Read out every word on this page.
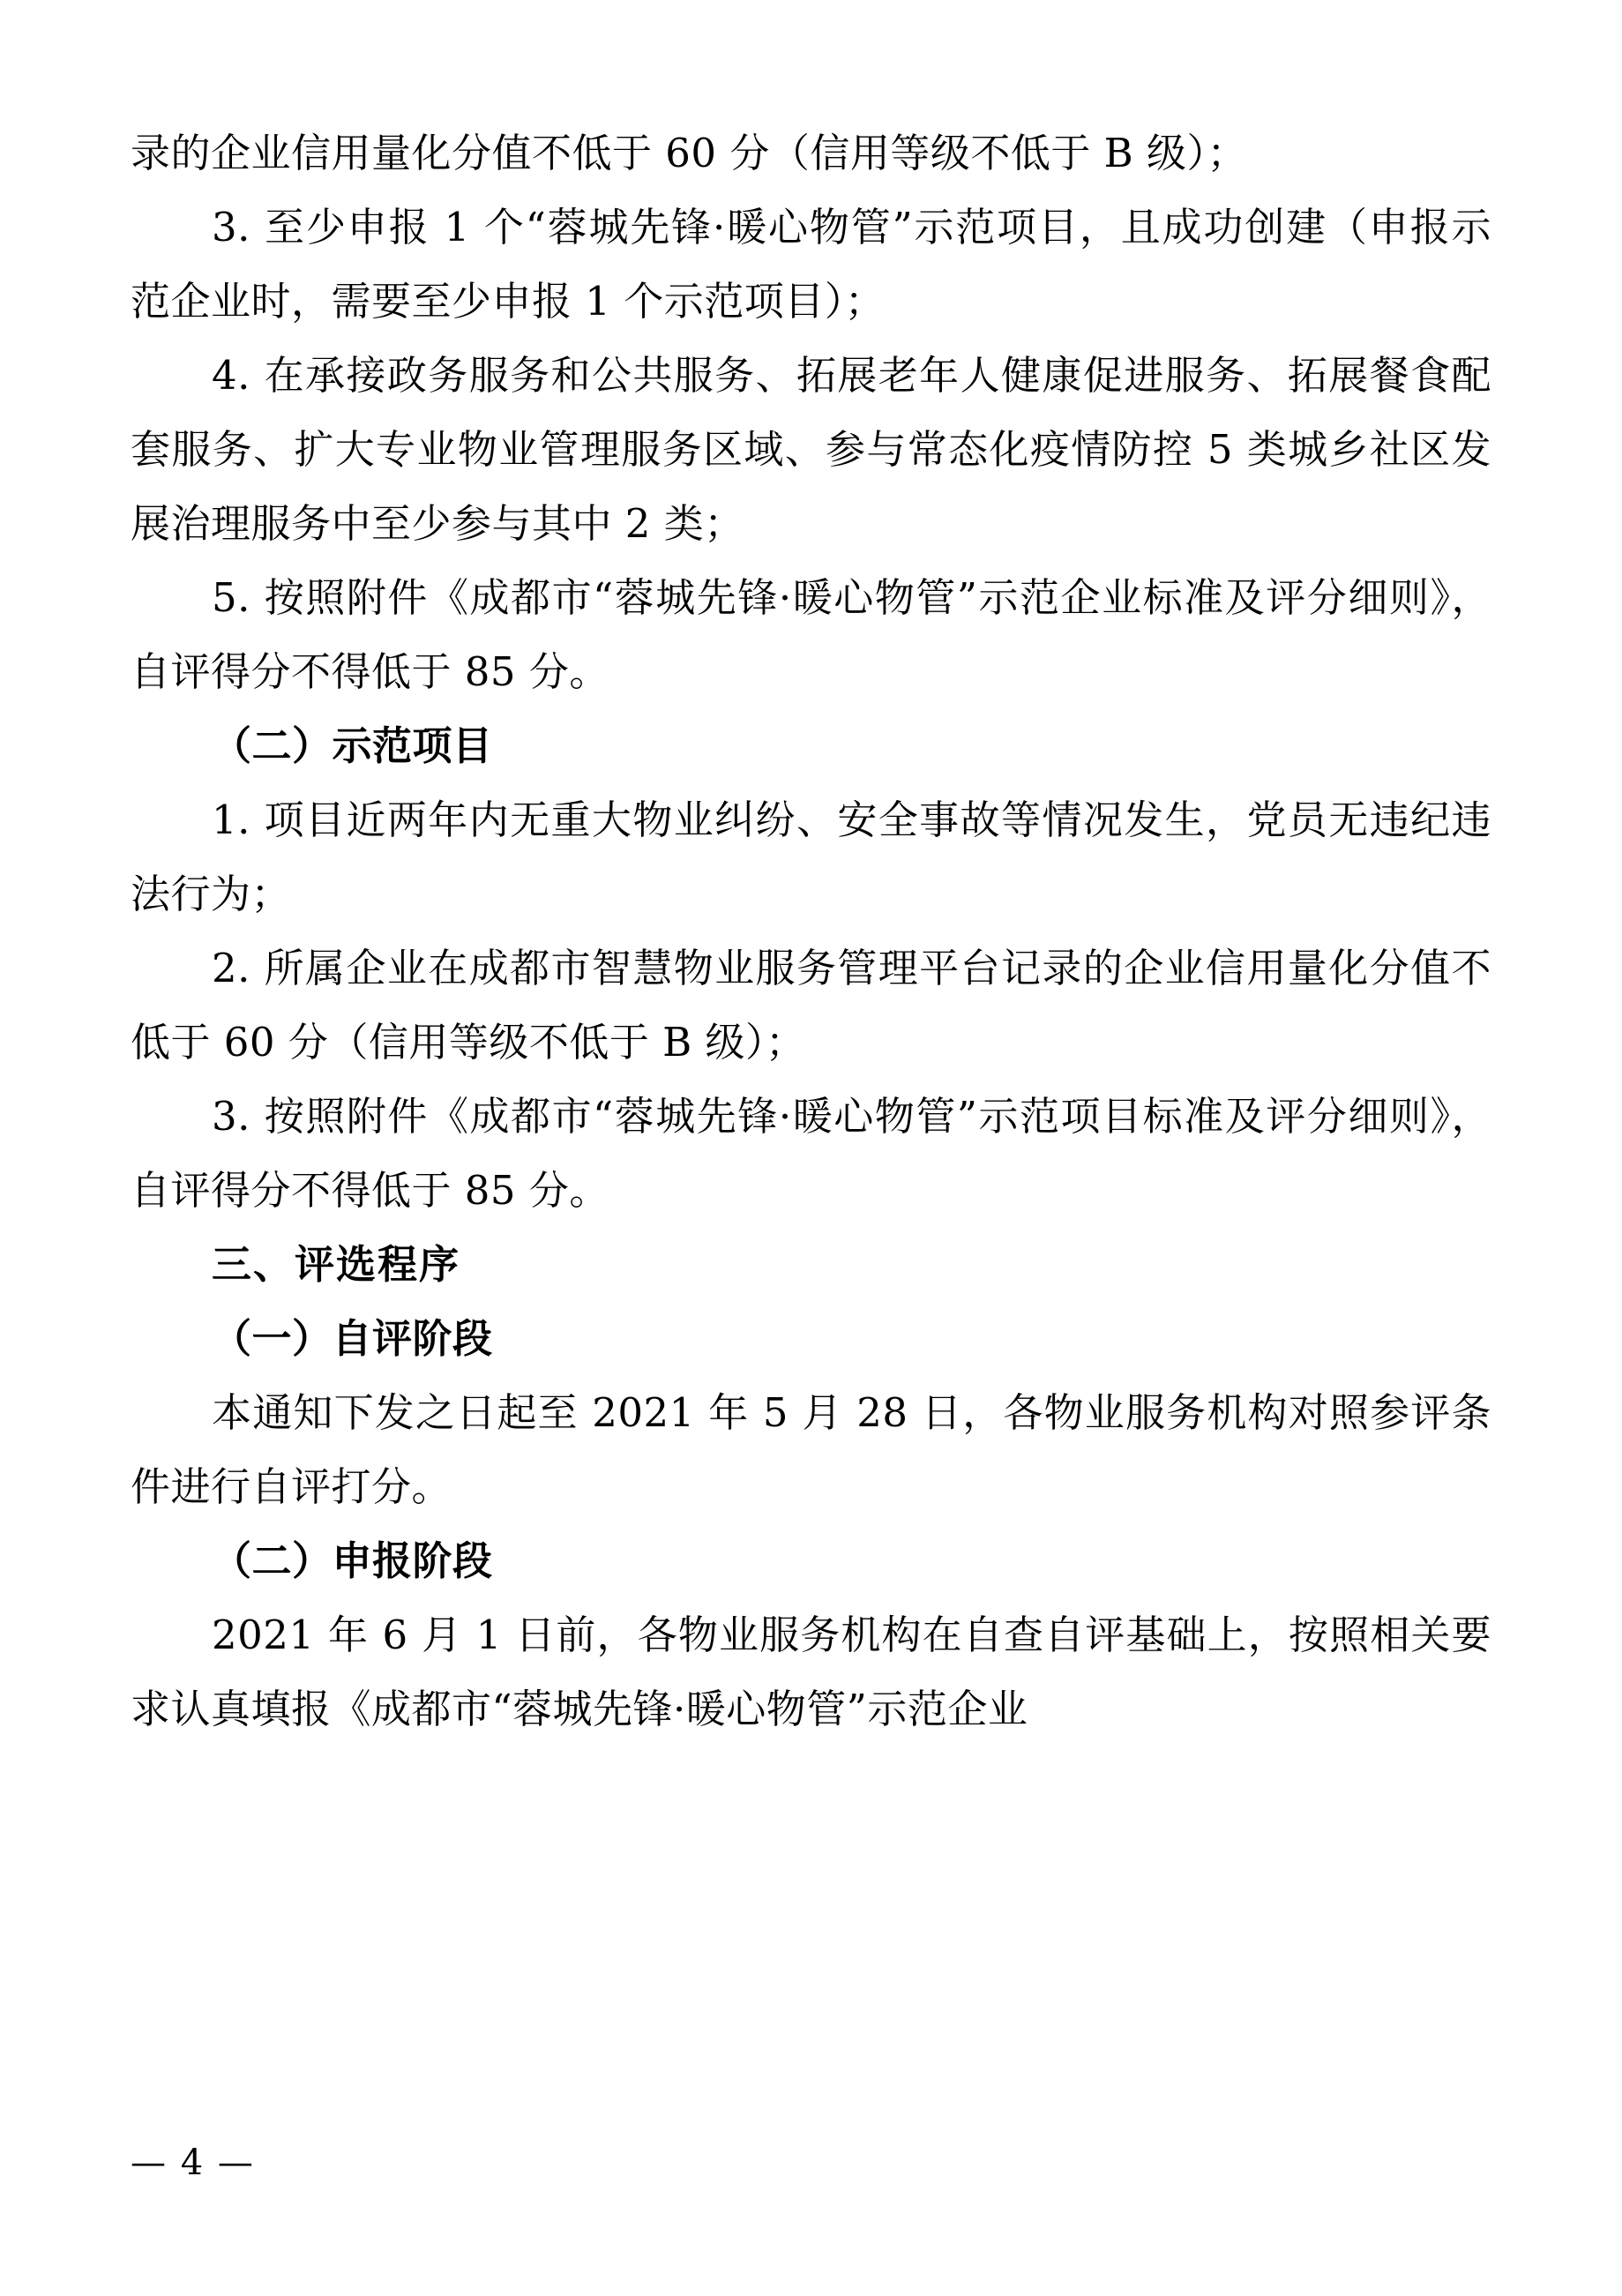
录的企业信用量化分值不低于 60 分（信用等级不低于 B 级）；

3. 至少申报 1 个“蓉城先锋·暖心物管”示范项目，且成功创建（申报示范企业时，需要至少申报 1 个示范项目）；

4. 在承接政务服务和公共服务、拓展老年人健康促进服务、拓展餐食配套服务、扩大专业物业管理服务区域、参与常态化疫情防控 5 类城乡社区发展治理服务中至少参与其中 2 类；

5. 按照附件《成都市“蓉城先锋·暖心物管”示范企业标准及评分细则》，自评得分不得低于 85 分。

（二）示范项目

1. 项目近两年内无重大物业纠纷、安全事故等情况发生，党员无违纪违法行为；

2. 所属企业在成都市智慧物业服务管理平台记录的企业信用量化分值不低于 60 分（信用等级不低于 B 级）；

3. 按照附件《成都市“蓉城先锋·暖心物管”示范项目标准及评分细则》，自评得分不得低于 85 分。

三、评选程序

（一）自评阶段

本通知下发之日起至 2021 年 5 月 28 日，各物业服务机构对照参评条件进行自评打分。

（二）申报阶段

2021 年 6 月 1 日前，各物业服务机构在自查自评基础上，按照相关要求认真填报《成都市“蓉城先锋·暖心物管”示范企业

— 4 —
